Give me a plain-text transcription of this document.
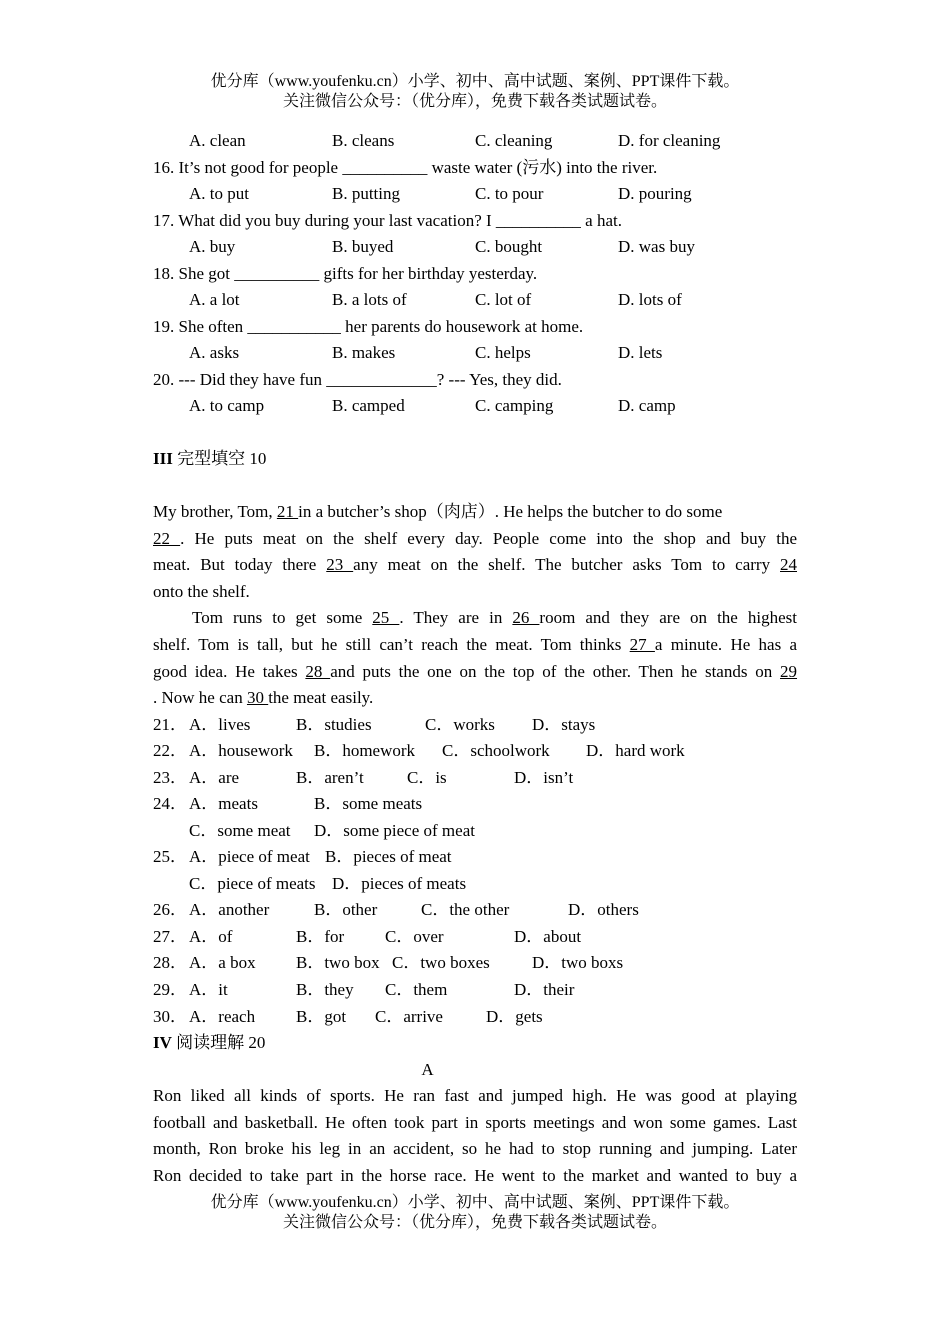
优分库（www.youfenku.cn）小学、初中、高中试题、案例、PPT课件下载。
关注微信公众号：（优分库），免费下载各类试题试卷。
A. clean	B. cleans	C. cleaning	D. for cleaning
16. It’s not good for people __________ waste water (污水) into the river.
A. to put	B. putting	C. to pour	D. pouring
17. What did you buy during your last vacation? I __________ a hat.
A. buy	B. buyed	C. bought	D. was buy
18. She got __________ gifts for her birthday yesterday.
A. a lot	B. a lots of	C. lot of	D. lots of
19. She often ___________ her parents do housework at home.
A. asks	B. makes	C. helps	D. lets
20. --- Did they have fun _____________? --- Yes, they did.
A. to camp	B. camped	C. camping	D. camp
III 完型填空 10
My brother, Tom, 21 in a butcher’s shop（肉店）. He helps the butcher to do some
22 . He puts meat on the shelf every day. People come into the shop and buy the
meat. But today there 23 any meat on the shelf. The butcher asks Tom to carry 24
onto the shelf.
Tom runs to get some 25 . They are in 26 room and they are on the highest
shelf. Tom is tall, but he still can’t reach the meat. Tom thinks 27 a minute. He has a
good idea. He takes 28 and puts the one on the top of the other. Then he stands on 29
. Now he can 30 the meat easily.
21． A．lives	B．studies	C．works D．stays
22． A．housework B．homework C．schoolwork D．hard work
23． A．are	B．aren’t	C．is	D．isn’t
24． A．meats	B．some meats
C．some meat D．some piece of meat
25． A．piece of meat B．pieces of meat
C．piece of meats D．pieces of meats
26． A．another	B．other	C．the other	D．others
27． A．of	B．for C．over	D．about
28． A．a box B．two box C．two boxes D．two boxs
29． A．it	B．they C．them	D．their
30． A．reach B．got C．arrive	D．gets
IV 阅读理解 20
A
Ron liked all kinds of sports. He ran fast and jumped high. He was good at playing
football and basketball. He often took part in sports meetings and won some games. Last
month, Ron broke his leg in an accident, so he had to stop running and jumping. Later
Ron decided to take part in the horse race. He went to the market and wanted to buy a
优分库（www.youfenku.cn）小学、初中、高中试题、案例、PPT课件下载。
关注微信公众号：（优分库），免费下载各类试题试卷。
